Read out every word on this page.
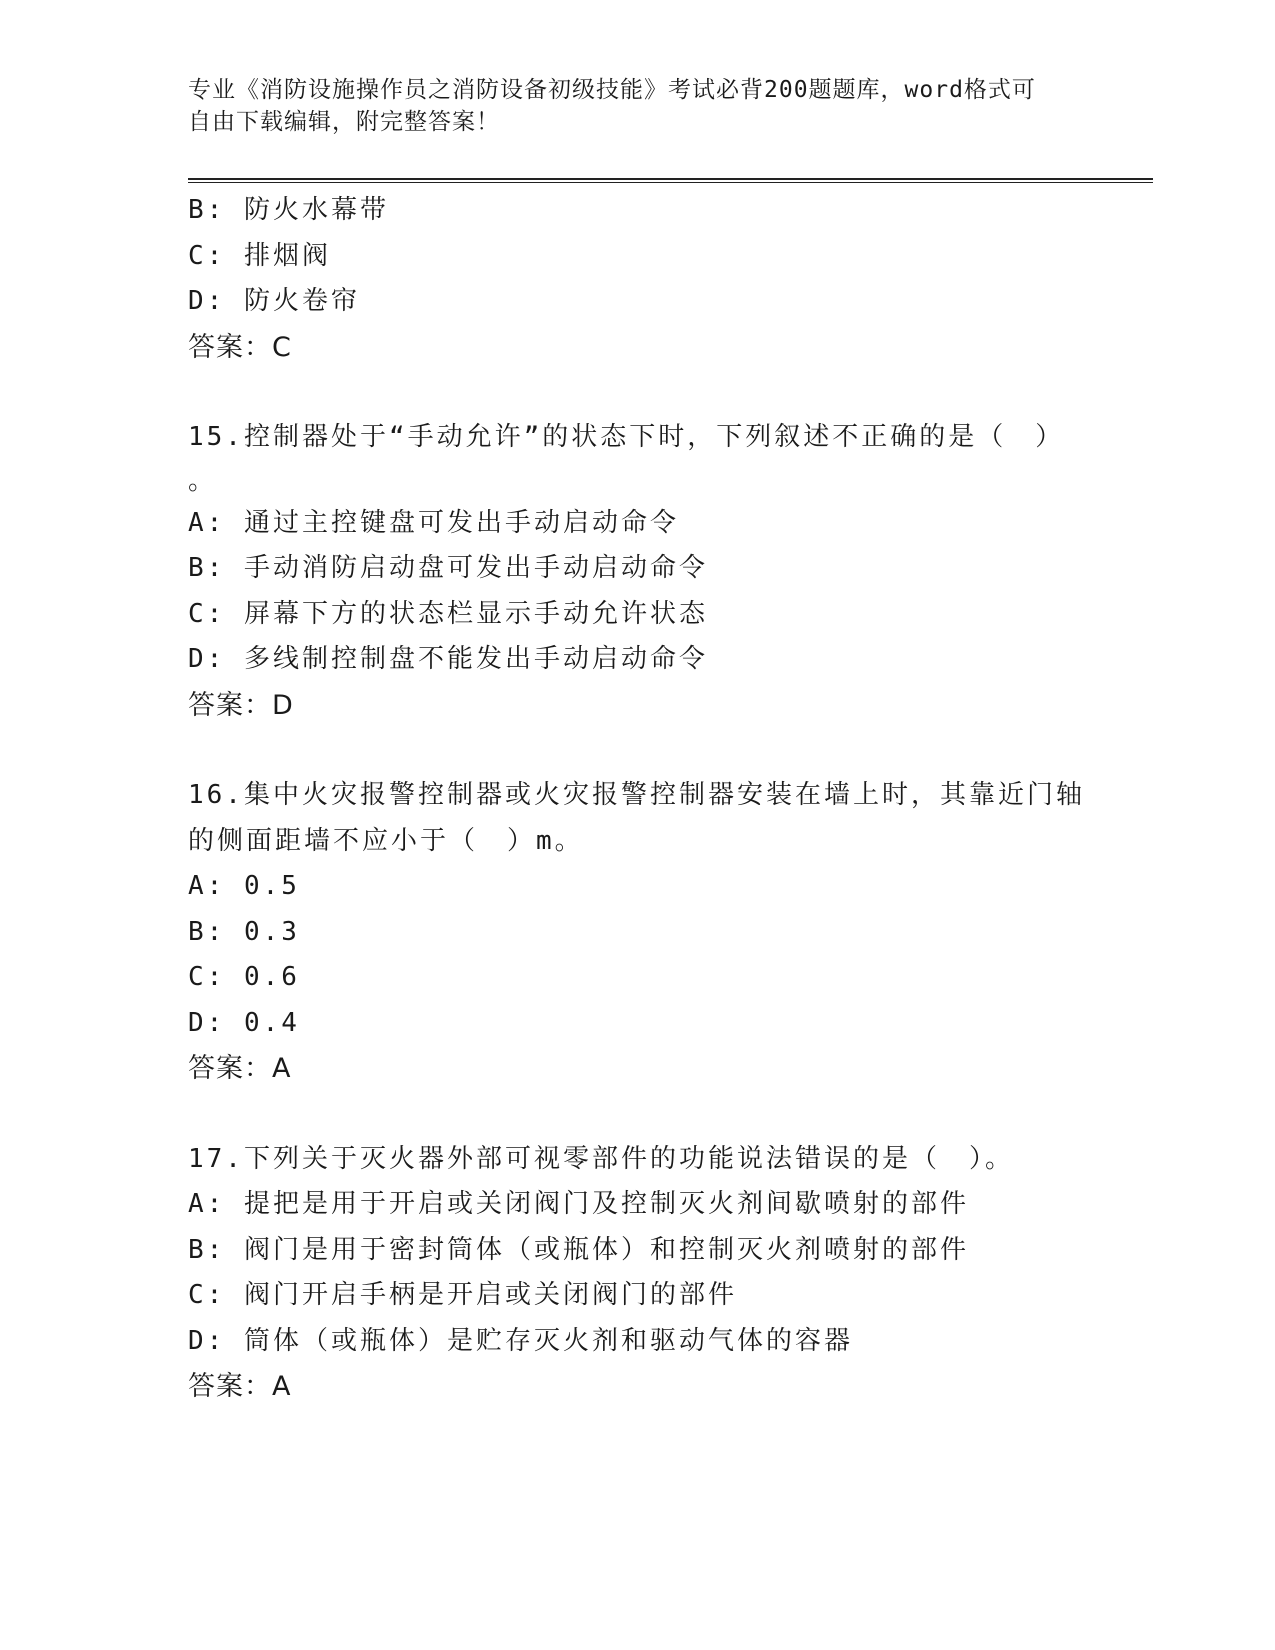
专业《消防设施操作员之消防设备初级技能》考试必背200题题库，word格式可
自由下载编辑，附完整答案！
B: 防火水幕带
C: 排烟阀
D: 防火卷帘
答案：C
15.控制器处于“手动允许”的状态下时，下列叙述不正确的是（　）
。
A: 通过主控键盘可发出手动启动命令
B: 手动消防启动盘可发出手动启动命令
C: 屏幕下方的状态栏显示手动允许状态
D: 多线制控制盘不能发出手动启动命令
答案：D
16.集中火灾报警控制器或火灾报警控制器安装在墙上时，其靠近门轴
的侧面距墙不应小于（　）m。
A: 0.5
B: 0.3
C: 0.6
D: 0.4
答案：A
17.下列关于灭火器外部可视零部件的功能说法错误的是（　）。
A: 提把是用于开启或关闭阀门及控制灭火剂间歇喷射的部件
B: 阀门是用于密封筒体（或瓶体）和控制灭火剂喷射的部件
C: 阀门开启手柄是开启或关闭阀门的部件
D: 筒体（或瓶体）是贮存灭火剂和驱动气体的容器
答案：A
